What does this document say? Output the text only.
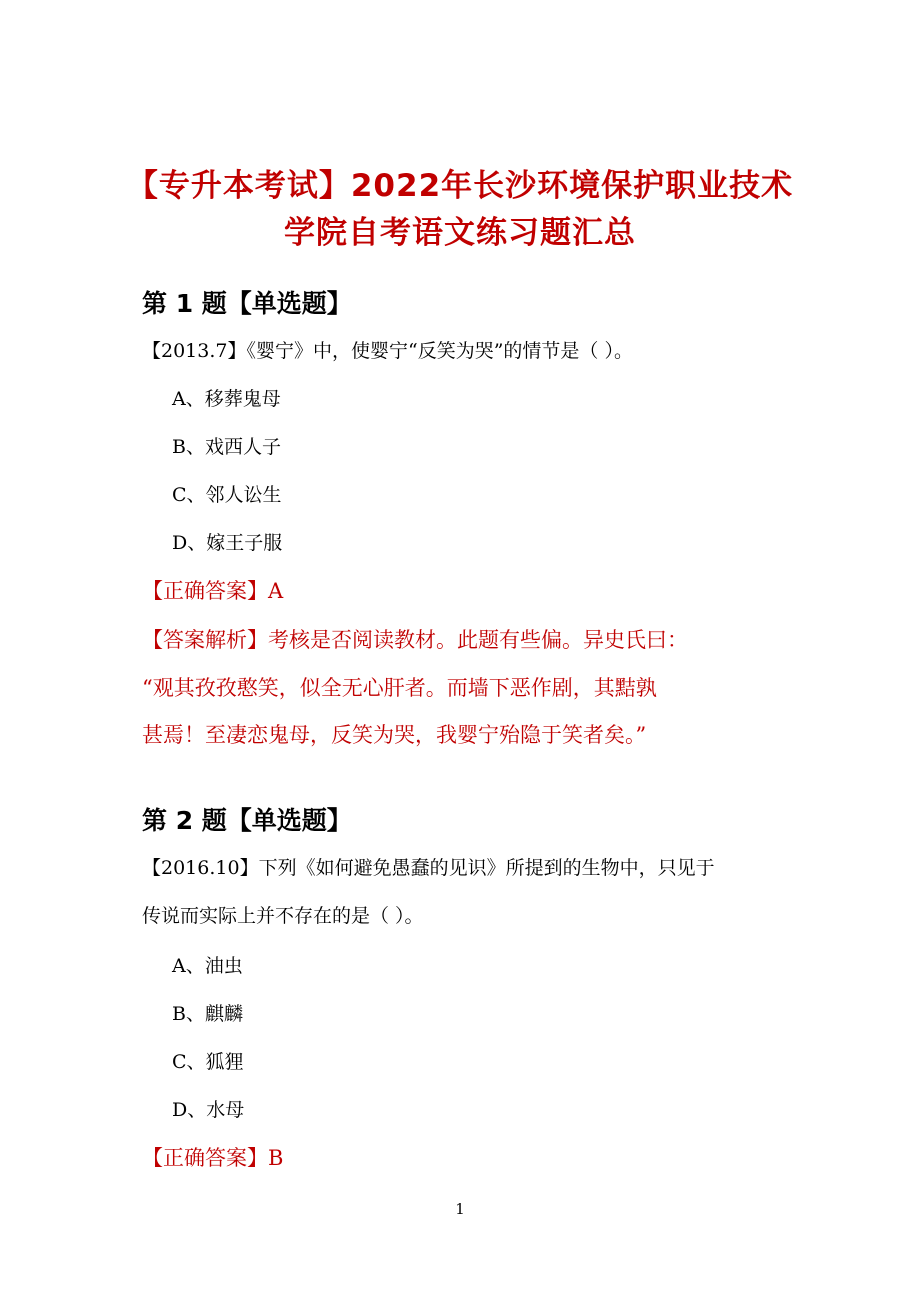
【专升本考试】2022年长沙环境保护职业技术
学院自考语文练习题汇总
第 1 题【单选题】
【2013.7】《婴宁》中，使婴宁“反笑为哭”的情节是（ ）。
A、移葬鬼母
B、戏西人子
C、邻人讼生
D、嫁王子服
【正确答案】A
【答案解析】考核是否阅读教材。此题有些偏。异史氏曰：
“观其孜孜憨笑，似全无心肝者。而墙下恶作剧，其黠孰
甚焉！至凄恋鬼母，反笑为哭，我婴宁殆隐于笑者矣。”
第 2 题【单选题】
【2016.10】下列《如何避免愚蠢的见识》所提到的生物中，只见于
传说而实际上并不存在的是（ ）。
A、油虫
B、麒麟
C、狐狸
D、水母
【正确答案】B
1
